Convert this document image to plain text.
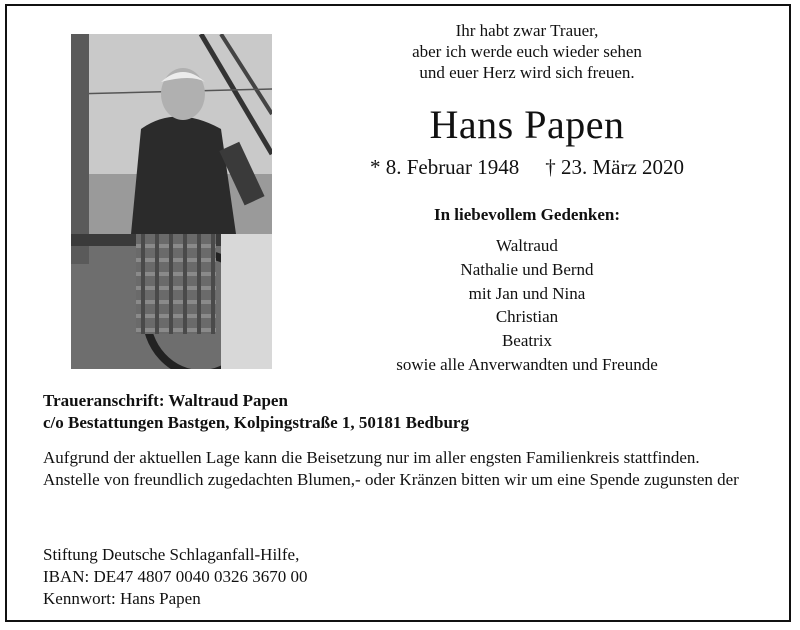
Ihr habt zwar Trauer,
aber ich werde euch wieder sehen
und euer Herz wird sich freuen.
Hans Papen
* 8. Februar 1948 † 23. März 2020
In liebevollem Gedenken:
Waltraud
Nathalie und Bernd
mit Jan und Nina
Christian
Beatrix
sowie alle Anverwandten und Freunde
Traueranschrift: Waltraud Papen
c/o Bestattungen Bastgen, Kolpingstraße 1, 50181 Bedburg

Aufgrund der aktuellen Lage kann die Beisetzung nur im aller engsten Familienkreis stattfinden.

Anstelle von freundlich zugedachten Blumen,- oder Kränzen bitten wir um eine Spende zugunsten der

Stiftung Deutsche Schlaganfall-Hilfe,
IBAN: DE47 4807 0040 0326 3670 00
Kennwort: Hans Papen
